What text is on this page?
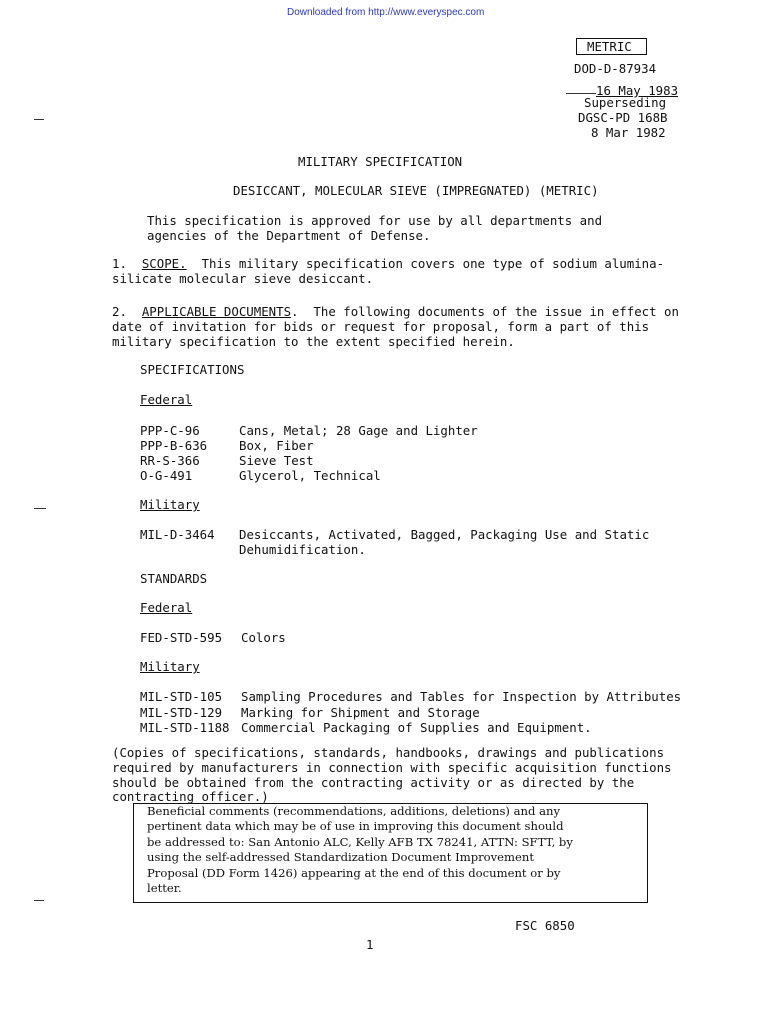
Downloaded from http://www.everyspec.com
METRIC
DOD-D-87934
16 May 1983
Superseding
DGSC-PD 168B
8 Mar 1982
MILITARY SPECIFICATION
DESICCANT, MOLECULAR SIEVE (IMPREGNATED) (METRIC)
This specification is approved for use by all departments and
agencies of the Department of Defense.
1. SCOPE.  This military specification covers one type of sodium alumina-
silicate molecular sieve desiccant.
2. APPLICABLE DOCUMENTS.  The following documents of the issue in effect on
date of invitation for bids or request for proposal, form a part of this
military specification to the extent specified herein.
SPECIFICATIONS
Federal
PPP-C-96	Cans, Metal; 28 Gage and Lighter
PPP-B-636	Box, Fiber
RR-S-366	Sieve Test
O-G-491	Glycerol, Technical
Military
MIL-D-3464 Desiccants, Activated, Bagged, Packaging Use and Static
Dehumidification.
STANDARDS
Federal
FED-STD-595 Colors
Military
MIL-STD-105 Sampling Procedures and Tables for Inspection by Attributes
MIL-STD-129 Marking for Shipment and Storage
MIL-STD-1188 Commercial Packaging of Supplies and Equipment.
(Copies of specifications, standards, handbooks, drawings and publications
required by manufacturers in connection with specific acquisition functions
should be obtained from the contracting activity or as directed by the
contracting officer.)
Beneficial comments (recommendations, additions, deletions) and any
pertinent data which may be of use in improving this document should
be addressed to: San Antonio ALC, Kelly AFB TX 78241, ATTN: SFTT, by
using the self-addressed Standardization Document Improvement
Proposal (DD Form 1426) appearing at the end of this document or by
letter.
FSC 6850
1
